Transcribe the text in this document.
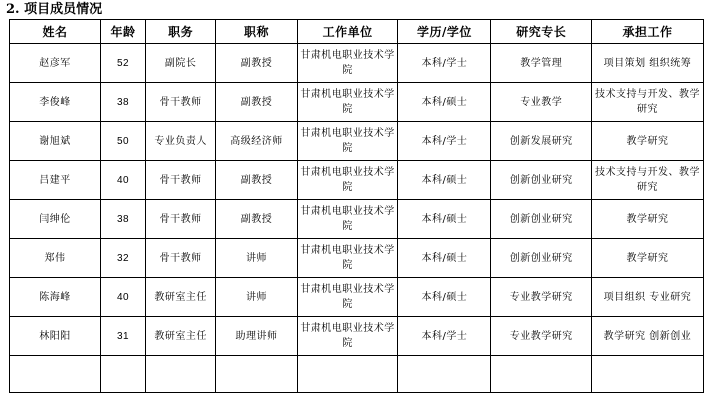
2. 项目成员情况
姓名	年龄	职务	职称	工作单位	学历/学位	研究专长	承担工作
赵彦军	52	副院长	副教授	甘肃机电职业技术学院	本科/学士	教学管理	项目策划 组织统筹
李俊峰	38	骨干教师	副教授	甘肃机电职业技术学院	本科/硕士	专业教学	技术支持与开发、教学研究
谢旭斌	50	专业负责人	高级经济师	甘肃机电职业技术学院	本科/学士	创新发展研究	教学研究
吕建平	40	骨干教师	副教授	甘肃机电职业技术学院	本科/硕士	创新创业研究	技术支持与开发、教学研究
闫绅伦	38	骨干教师	副教授	甘肃机电职业技术学院	本科/硕士	创新创业研究	教学研究
郑伟	32	骨干教师	讲师	甘肃机电职业技术学院	本科/硕士	创新创业研究	教学研究
陈海峰	40	教研室主任	讲师	甘肃机电职业技术学院	本科/硕士	专业教学研究	项目组织 专业研究
林阳阳	31	教研室主任	助理讲师	甘肃机电职业技术学院	本科/学士	专业教学研究	教学研究 创新创业
